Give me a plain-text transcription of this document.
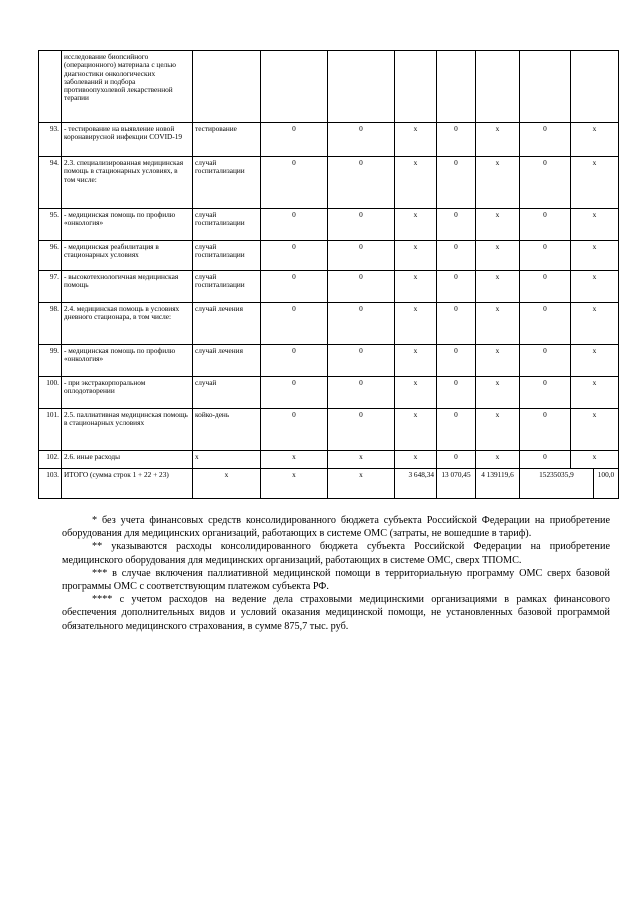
	исследование биопсийного (операционного) материала с целью диагностики онкологических заболеваний и подбора противоопухолевой лекарственной терапии									
93.	- тестирование на выявление новой коронавирусной инфекции COVID-19	тестирование	0	0	x	0	x	0	x	
94.	2.3. специализированная медицинская помощь в стационарных условиях, в том числе:	случай госпитализации	0	0	x	0	x	0	x	
95.	- медицинская помощь по профилю «онкология»	случай госпитализации	0	0	x	0	x	0	x	
96.	- медицинская реабилитация в стационарных условиях	случай госпитализации	0	0	x	0	x	0	x	
97.	- высокотехнологичная медицинская помощь	случай госпитализации	0	0	x	0	x	0	x	
98.	2.4. медицинская помощь в условиях дневного стационара, в том числе:	случай лечения	0	0	x	0	x	0	x	
99.	- медицинская помощь по профилю «онкология»	случай лечения	0	0	x	0	x	0	x	
100.	- при экстракорпоральном оплодотворении	случай	0	0	x	0	x	0	x	
101.	2.5. паллиативная медицинская помощь в стационарных условиях	койко-день	0	0	x	0	x	0	x	
102.	2.6. иные расходы	x	x	x	x	0	x	0	x	
103.	ИТОГО (сумма строк 1 + 22 + 23)	x	x	x	3 648,34	13 070,45	4 139119,6	15235035,9		100,0

* без учета финансовых средств консолидированного бюджета субъекта Российской Федерации на приобретение оборудования для медицинских организаций, работающих в системе ОМС (затраты, не вошедшие в тариф).

** указываются расходы консолидированного бюджета субъекта Российской Федерации на приобретение медицинского оборудования для медицинских организаций, работающих в системе ОМС, сверх ТПОМС.

*** в случае включения паллиативной медицинской помощи в территориальную программу ОМС сверх базовой программы ОМС с соответствующим платежом субъекта РФ.

**** с учетом расходов на ведение дела страховыми медицинскими организациями в рамках финансового обеспечения дополнительных видов и условий оказания медицинской помощи, не установленных базовой программой обязательного медицинского страхования, в сумме 875,7 тыс. руб.
